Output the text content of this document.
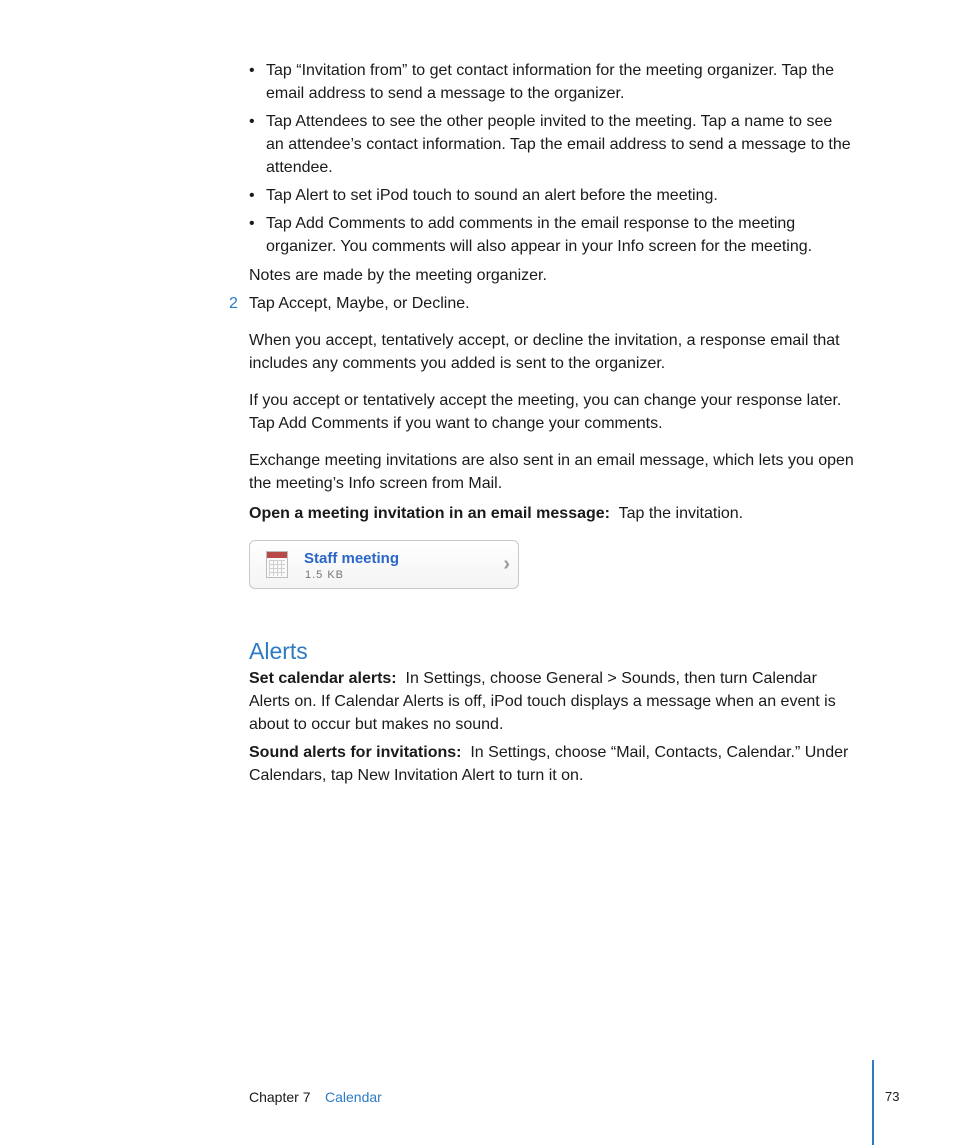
• Tap “Invitation from” to get contact information for the meeting organizer. Tap the email address to send a message to the organizer.
• Tap Attendees to see the other people invited to the meeting. Tap a name to see an attendee’s contact information. Tap the email address to send a message to the attendee.
• Tap Alert to set iPod touch to sound an alert before the meeting.
• Tap Add Comments to add comments in the email response to the meeting organizer. You comments will also appear in your Info screen for the meeting.
Notes are made by the meeting organizer.
2 Tap Accept, Maybe, or Decline.
When you accept, tentatively accept, or decline the invitation, a response email that includes any comments you added is sent to the organizer.
If you accept or tentatively accept the meeting, you can change your response later. Tap Add Comments if you want to change your comments.
Exchange meeting invitations are also sent in an email message, which lets you open the meeting’s Info screen from Mail.
Open a meeting invitation in an email message: Tap the invitation.
Staff meeting
1.5 KB	›
Alerts
Set calendar alerts: In Settings, choose General > Sounds, then turn Calendar Alerts on. If Calendar Alerts is off, iPod touch displays a message when an event is about to occur but makes no sound.
Sound alerts for invitations: In Settings, choose “Mail, Contacts, Calendar.” Under Calendars, tap New Invitation Alert to turn it on.
Chapter 7 Calendar	73
